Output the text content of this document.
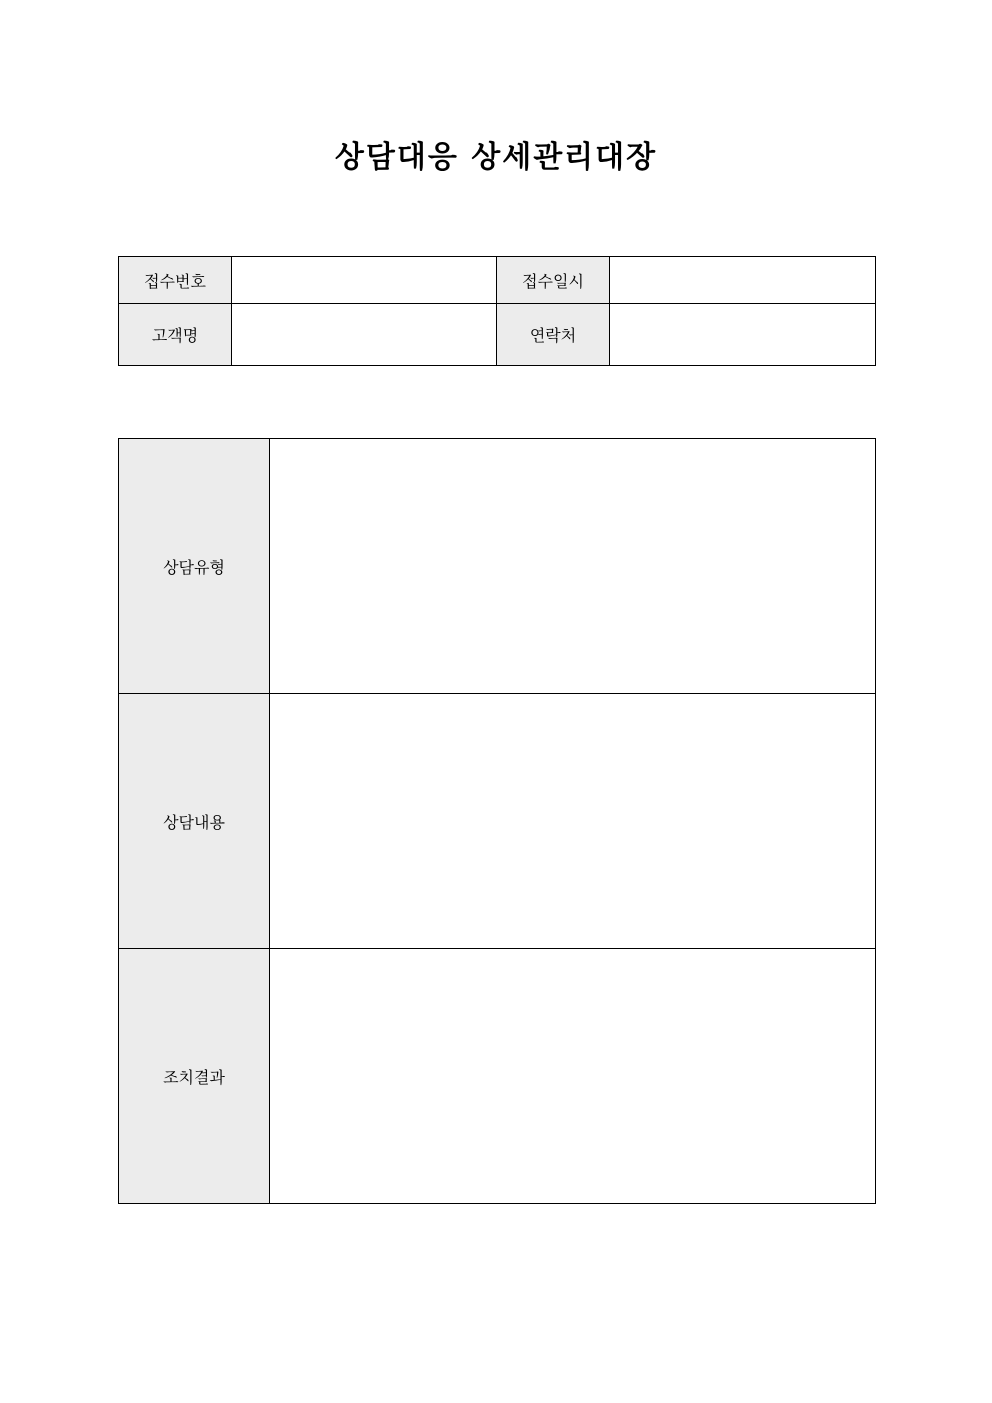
상담대응 상세관리대장
접수번호		접수일시	
고객명		연락처	
상담유형	
상담내용	
조치결과	
